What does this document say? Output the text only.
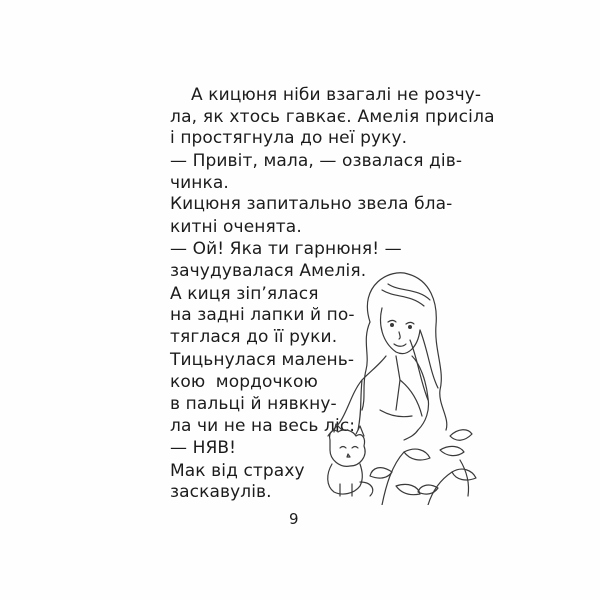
А кицюня ніби взагалі не розчу-

ла, як хтось гавкає. Амелія присіла

і простягнула до неї руку.

— Привіт, мала, — озвалася дів-

чинка.

Кицюня запитально звела бла-

китні оченята.

— Ой! Яка ти гарнюня! —

зачудувалася Амелія.

А киця зіп’ялася

на задні лапки й по-

тяглася до її руки.

Тицьнулася малень-

кою мордочкою

в пальці й нявкну-

ла чи не на весь ліс:

— НЯВ!

Мак від страху

заскавулів.

9
